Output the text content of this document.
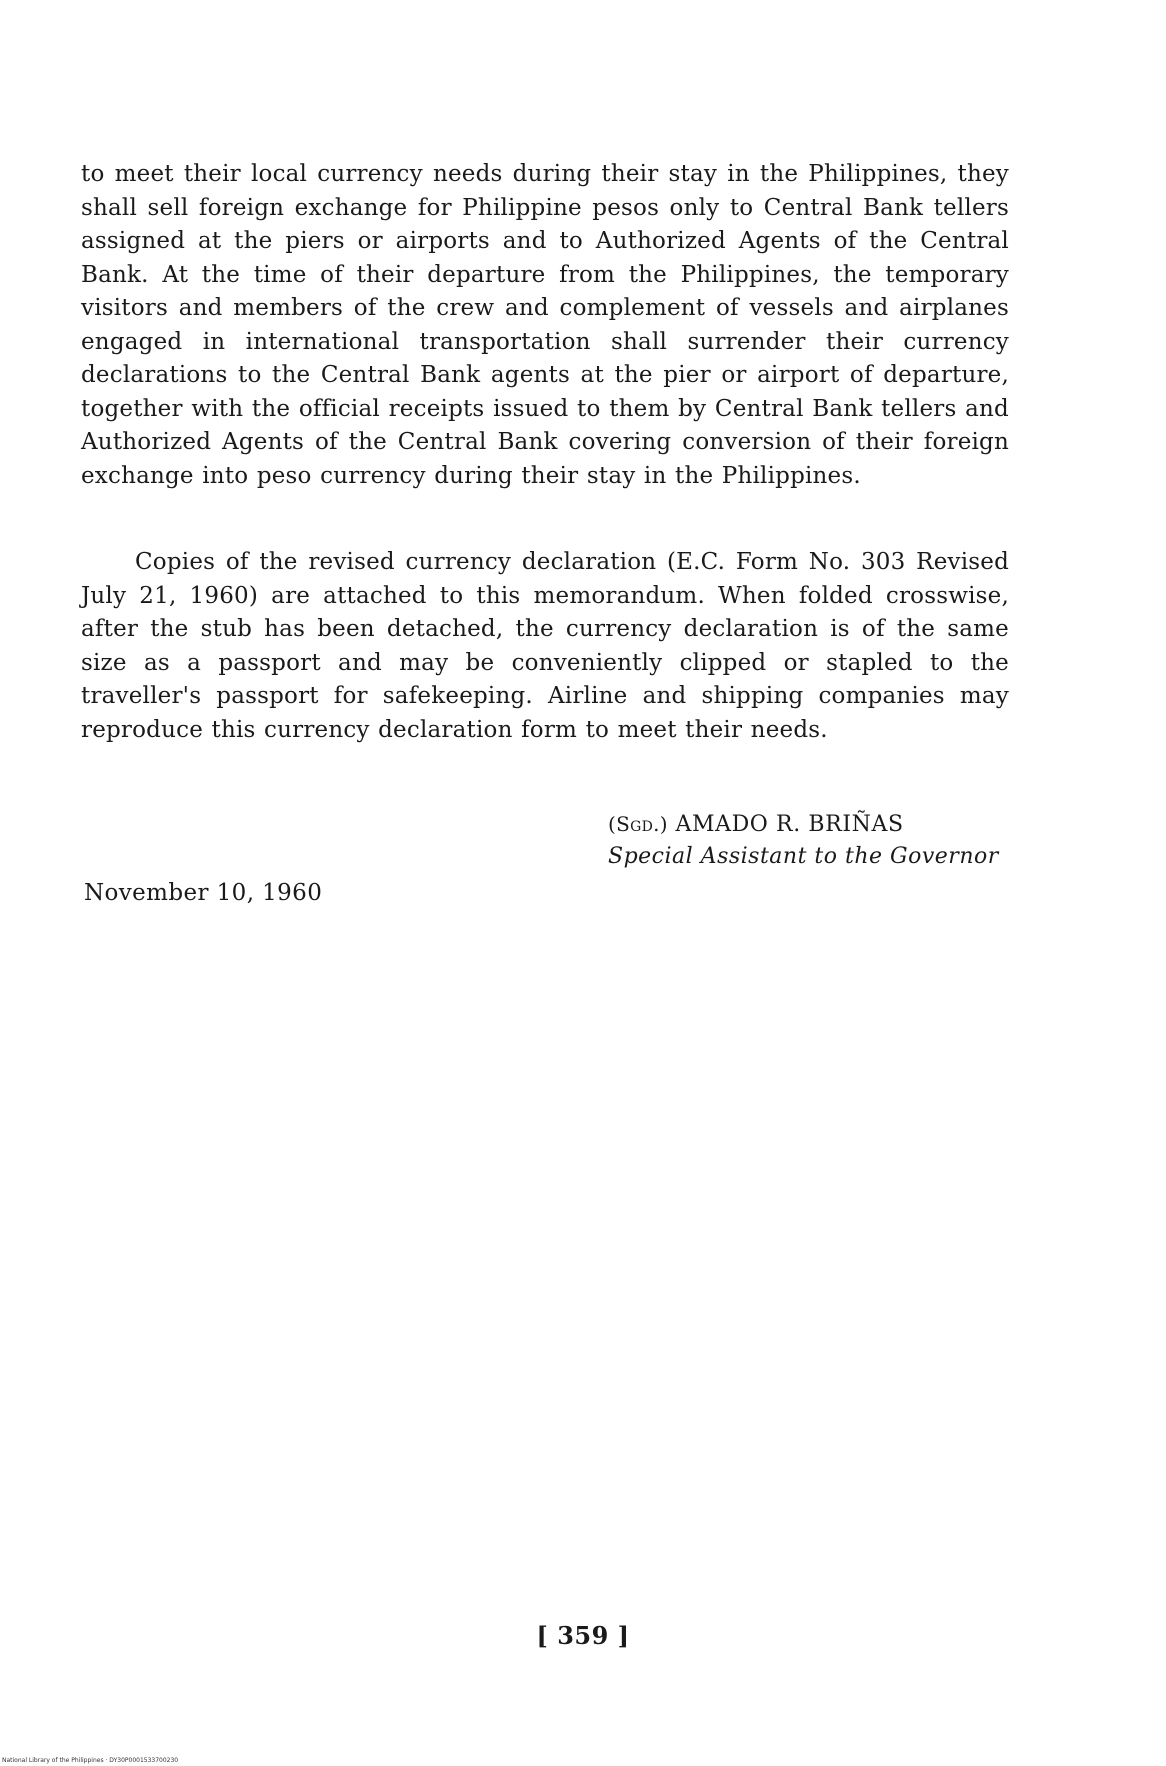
to meet their local currency needs during their stay in the Philippines, they shall sell foreign exchange for Philippine pesos only to Central Bank tellers assigned at the piers or airports and to Authorized Agents of the Central Bank. At the time of their departure from the Philippines, the temporary visitors and members of the crew and complement of vessels and airplanes engaged in international transportation shall surrender their currency declarations to the Central Bank agents at the pier or airport of departure, together with the official receipts issued to them by Central Bank tellers and Authorized Agents of the Central Bank covering conversion of their foreign exchange into peso currency during their stay in the Philippines.

Copies of the revised currency declaration (E.C. Form No. 303 Revised July 21, 1960) are attached to this memorandum. When folded crosswise, after the stub has been detached, the currency declaration is of the same size as a passport and may be conveniently clipped or stapled to the traveller's passport for safekeeping. Airline and shipping companies may reproduce this currency declaration form to meet their needs.

(Sgd.) AMADO R. BRIÑAS

Special Assistant to the Governor

November 10, 1960

[ 359 ]

National Library of the Philippines · DY30P0001533700230
